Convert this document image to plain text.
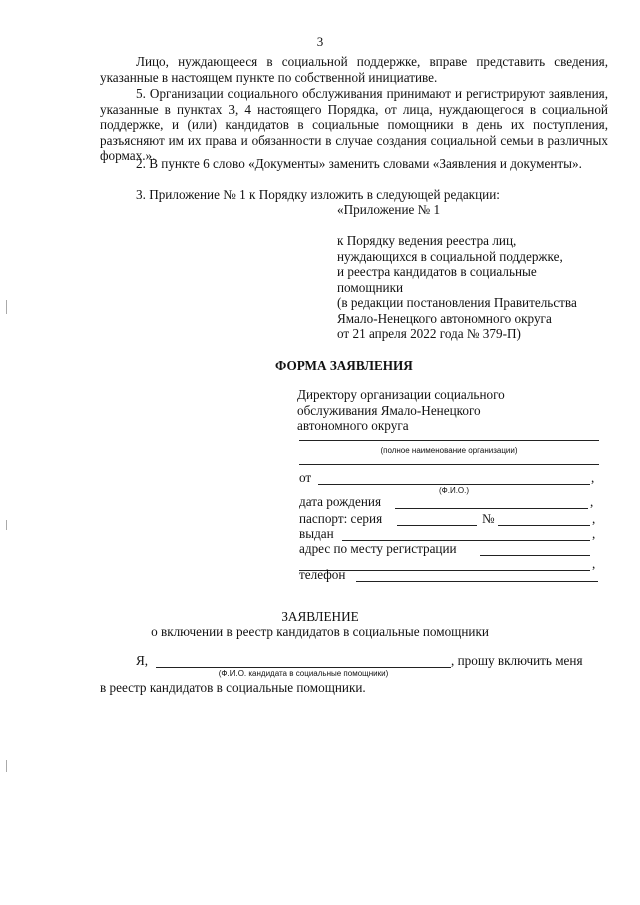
3

Лицо, нуждающееся в социальной поддержке, вправе представить сведения, указанные в настоящем пункте по собственной инициативе.

5. Организации социального обслуживания принимают и регистрируют заявления, указанные в пунктах 3, 4 настоящего Порядка, от лица, нуждающегося в социальной поддержке, и (или) кандидатов в социальные помощники в день их поступления, разъясняют им их права и обязанности в случае создания социальной семьи в различных формах.».

2. В пункте 6 слово «Документы» заменить словами «Заявления и документы».

3. Приложение № 1 к Порядку изложить в следующей редакции:

«Приложение № 1
к Порядку ведения реестра лиц,
нуждающихся в социальной поддержке,
и реестра кандидатов в социальные
помощники
(в редакции постановления Правительства
Ямало-Ненецкого автономного округа
от 21 апреля 2022 года № 379-П)
ФОРМА ЗАЯВЛЕНИЯ
Директору организации социального
обслуживания Ямало-Ненецкого
автономного округа
(полное наименование организации)
от	,
(Ф.И.О.)
дата рождения	,
паспорт: серия	№	,
выдан	,
адрес по месту регистрации
,
телефон
ЗАЯВЛЕНИЕ
о включении в реестр кандидатов в социальные помощники
Я,	, прошу включить меня
(Ф.И.О. кандидата в социальные помощники)
в реестр кандидатов в социальные помощники.
